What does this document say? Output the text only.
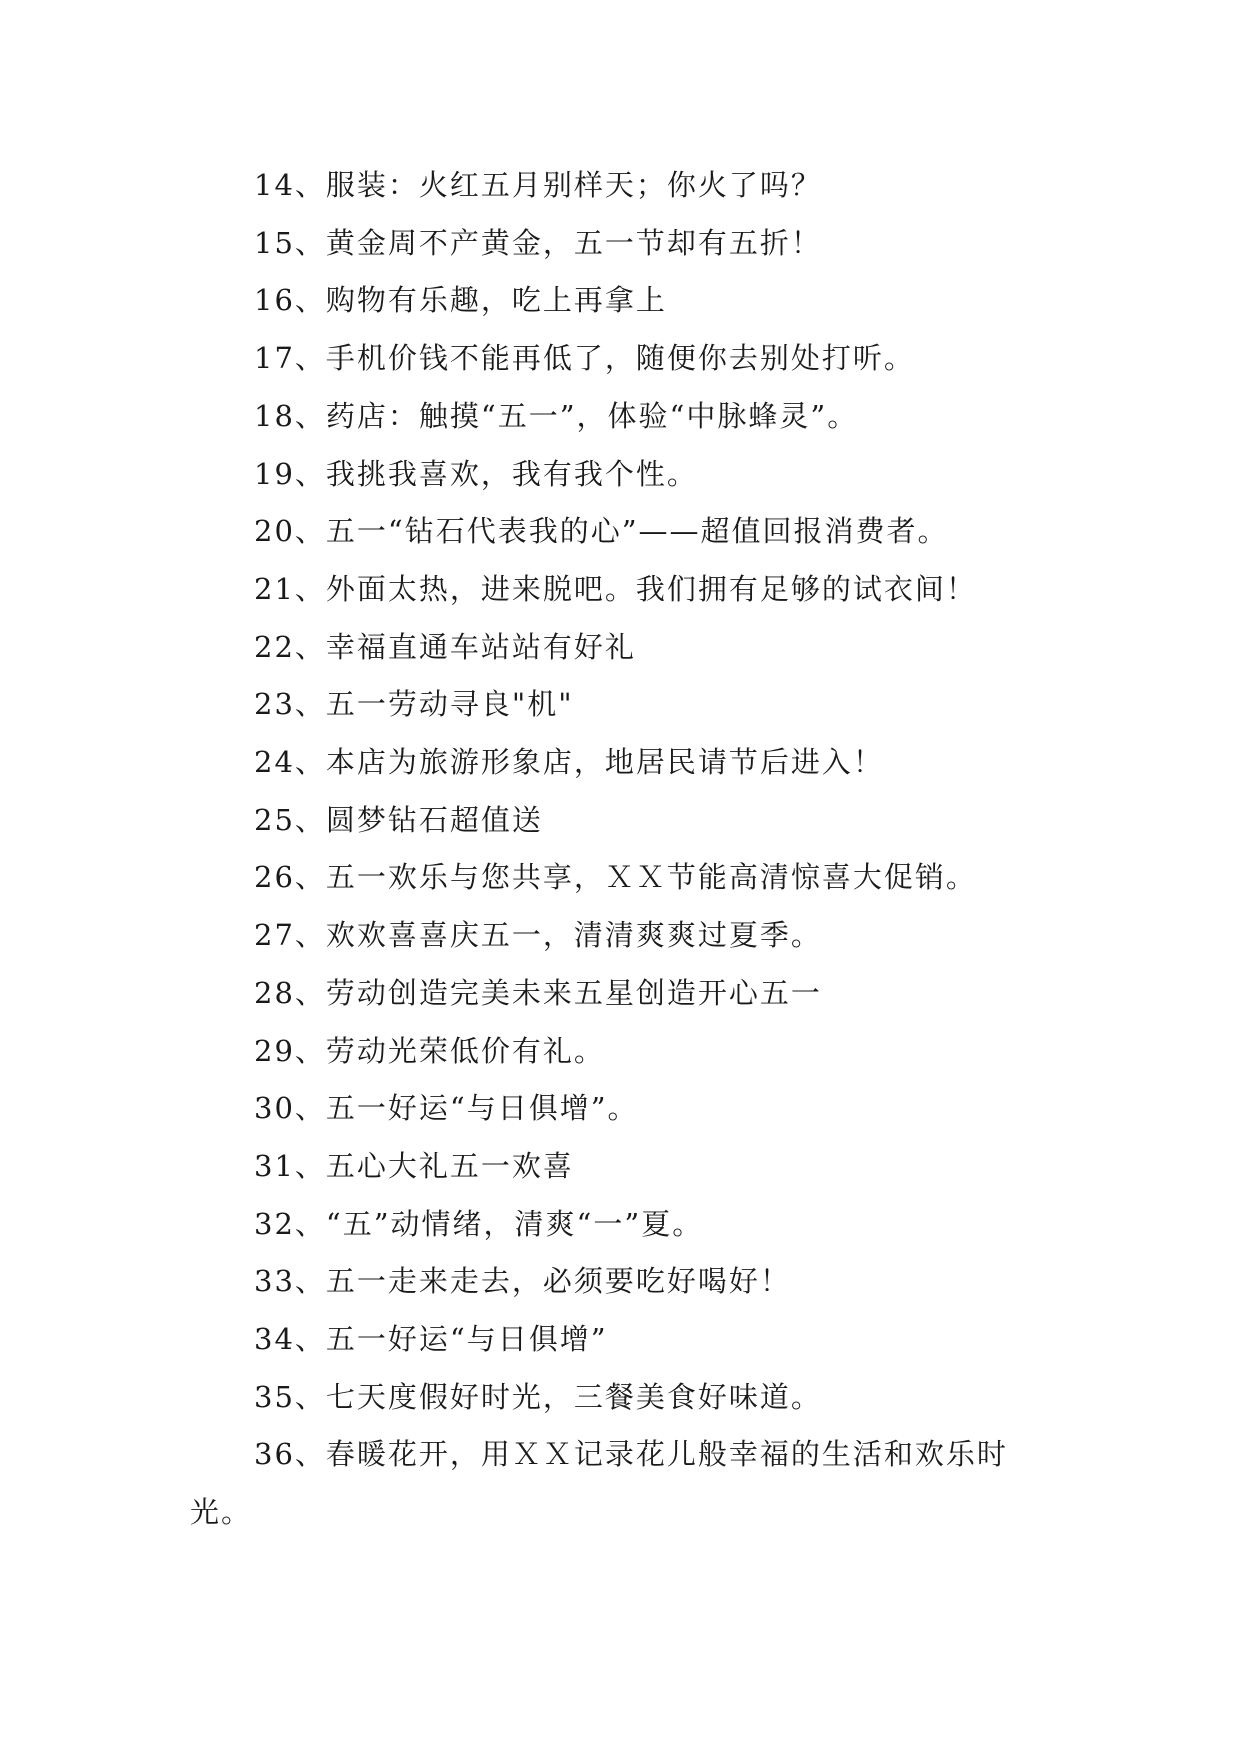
14、服装：火红五月别样天；你火了吗？
15、黄金周不产黄金，五一节却有五折！
16、购物有乐趣，吃上再拿上
17、手机价钱不能再低了，随便你去别处打听。
18、药店：触摸“五一”，体验“中脉蜂灵”。
19、我挑我喜欢，我有我个性。
20、五一“钻石代表我的心”——超值回报消费者。
21、外面太热，进来脱吧。我们拥有足够的试衣间！
22、幸福直通车站站有好礼
23、五一劳动寻良"机"
24、本店为旅游形象店，地居民请节后进入！
25、圆梦钻石超值送
26、五一欢乐与您共享，ＸＸ节能高清惊喜大促销。
27、欢欢喜喜庆五一，清清爽爽过夏季。
28、劳动创造完美未来五星创造开心五一
29、劳动光荣低价有礼。
30、五一好运“与日俱增”。
31、五心大礼五一欢喜
32、“五”动情绪，清爽“一”夏。
33、五一走来走去，必须要吃好喝好！
34、五一好运“与日俱增”
35、七天度假好时光，三餐美食好味道。
36、春暖花开，用ＸＸ记录花儿般幸福的生活和欢乐时光。
